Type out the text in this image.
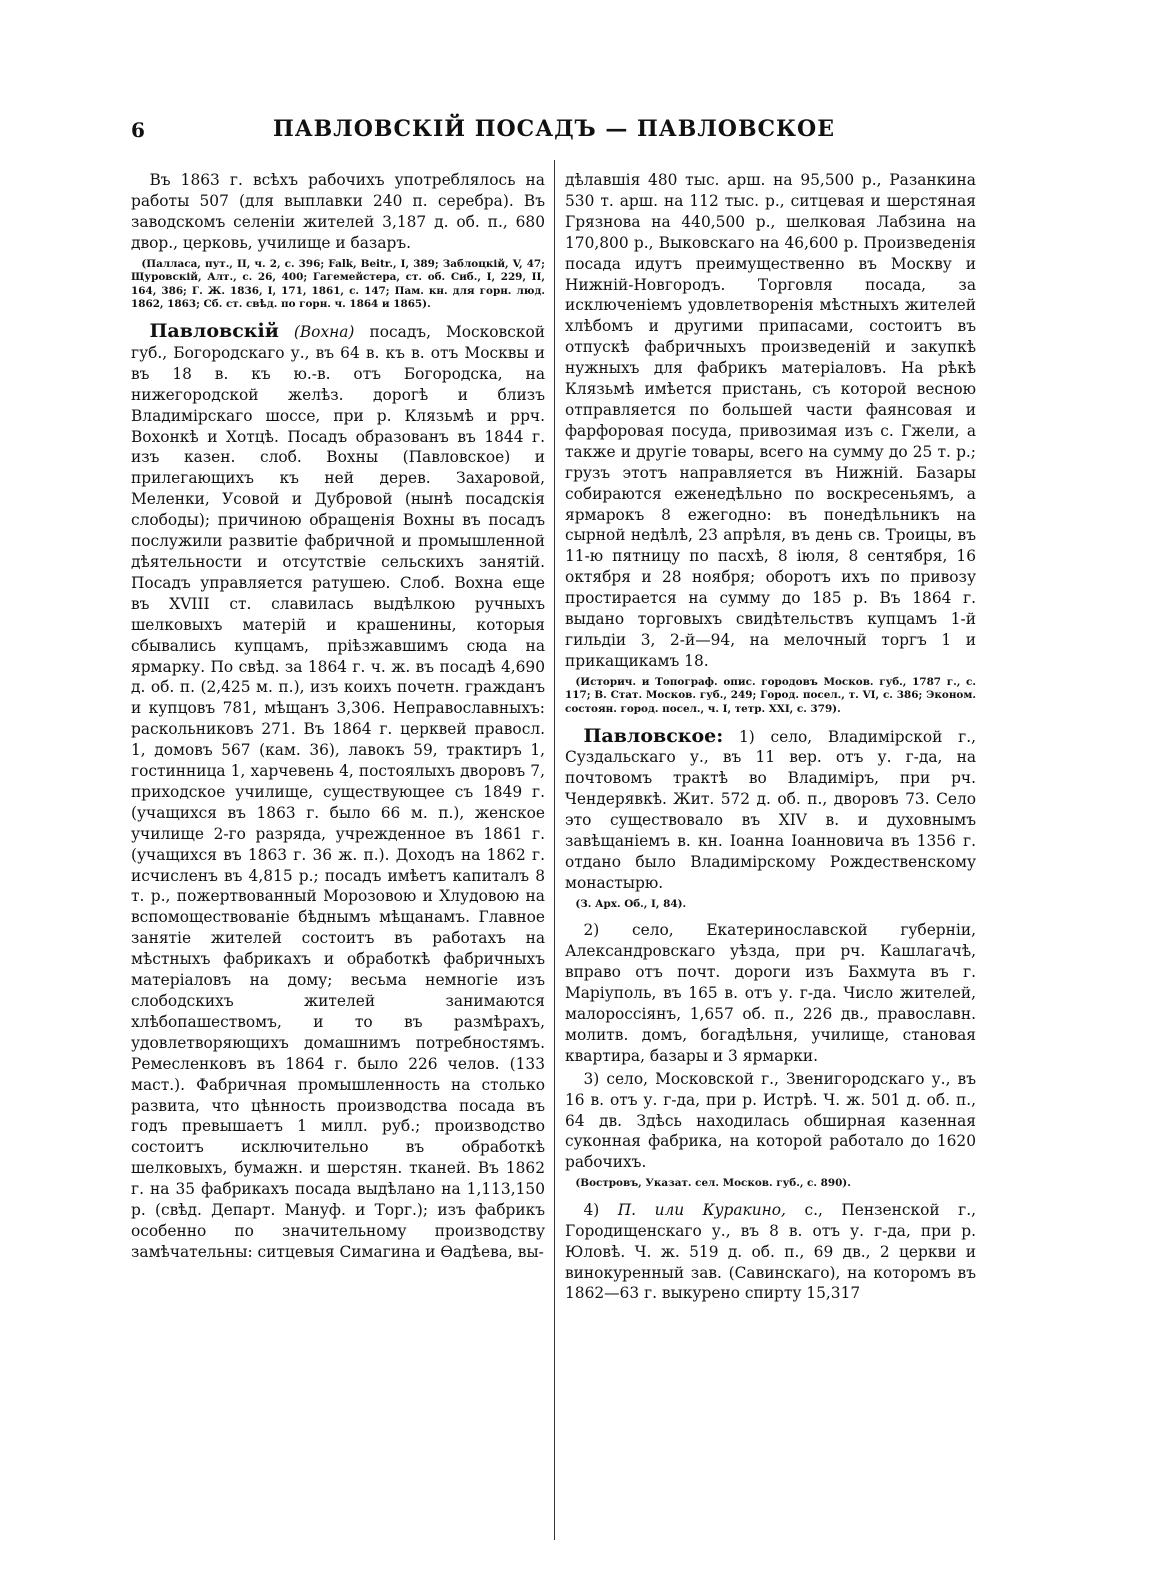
6	ПАВЛОВСКІЙ ПОСАДЪ — ПАВЛОВСКОЕ

Въ 1863 г. всѣхъ рабочихъ употреблялось на работы 507 (для выплавки 240 п. серебра). Въ заводскомъ селеніи жителей 3,187 д. об. п., 680 двор., церковь, училище и базаръ.

(Паллаcа, пут., II, ч. 2, с. 396; Falk, Beitr., I, 389; Заблоцкій, V, 47; Щуровскій, Алт., с. 26, 400; Гагемейстера, ст. об. Сиб., I, 229, II, 164, 386; Г. Ж. 1836, I, 171, 1861, с. 147; Пам. кн. для горн. люд. 1862, 1863; Сб. ст. свѣд. по горн. ч. 1864 и 1865).

Павловскій (Вохна) посадъ, Московской губ., Богородскаго у., въ 64 в. къ в. отъ Москвы и въ 18 в. къ ю.-в. отъ Богородска, на нижегородской желѣз. дорогѣ и близъ Владимірскаго шоссе, при р. Клязьмѣ и ррч. Вохонкѣ и Хотцѣ. Посадъ образованъ въ 1844 г. изъ казен. слоб. Вохны (Павловское) и прилегающихъ къ ней дерев. Захаровой, Меленки, Усовой и Дубровой (нынѣ посадскія слободы); причиною обращенія Вохны въ посадъ послужили развитіе фабричной и промышленной дѣятельности и отсутствіе сельскихъ занятій. Посадъ управляется ратушею. Слоб. Вохна еще въ XVIII ст. славилась выдѣлкою ручныхъ шелковыхъ матерій и крашенины, которыя сбывались купцамъ, пріѣзжавшимъ сюда на ярмарку. По свѣд. за 1864 г. ч. ж. въ посадѣ 4,690 д. об. п. (2,425 м. п.), изъ коихъ почетн. гражданъ и купцовъ 781, мѣщанъ 3,306. Неправославныхъ: раскольниковъ 271. Въ 1864 г. церквей правосл. 1, домовъ 567 (кам. 36), лавокъ 59, трактиръ 1, гостинница 1, харчевень 4, постоялыхъ дворовъ 7, приходское училище, существующее съ 1849 г. (учащихся въ 1863 г. было 66 м. п.), женское училище 2-го разряда, учрежденное въ 1861 г. (учащихся въ 1863 г. 36 ж. п.). Доходъ на 1862 г. исчисленъ въ 4,815 р.; посадъ имѣетъ капиталъ 8 т. р., пожертвованный Морозовою и Хлудовою на вспомоществованіе бѣднымъ мѣщанамъ. Главное занятіе жителей состоитъ въ работахъ на мѣстныхъ фабрикахъ и обработкѣ фабричныхъ матеріаловъ на дому; весьма немногіе изъ слободскихъ жителей занимаются хлѣбопашествомъ, и то въ размѣрахъ, удовлетворяющихъ домашнимъ потребностямъ. Ремесленковъ въ 1864 г. было 226 челов. (133 маст.). Фабричная промышленность на столько развита, что цѣнность производства посада въ годъ превышаетъ 1 милл. руб.; производство состоитъ исключительно въ обработкѣ шелковыхъ, бумажн. и шерстян. тканей. Въ 1862 г. на 35 фабрикахъ посада выдѣлано на 1,113,150 р. (свѣд. Департ. Мануф. и Торг.); изъ фабрикъ особенно по значительному производству замѣчательны: ситцевыя Симагина и Ѳадѣева, вы-

дѣлавшія 480 тыс. арш. на 95,500 р., Разанкина 530 т. арш. на 112 тыс. р., ситцевая и шерстяная Грязнова на 440,500 р., шелковая Лабзина на 170,800 р., Выковскаго на 46,600 р. Произведенія посада идутъ преимущественно въ Москву и Нижній-Новгородъ. Торговля посада, за исключеніемъ удовлетворенія мѣстныхъ жителей хлѣбомъ и другими припасами, состоитъ въ отпускѣ фабричныхъ произведеній и закупкѣ нужныхъ для фабрикъ матеріаловъ. На рѣкѣ Клязьмѣ имѣется пристань, съ которой весною отправляется по большей части фаянсовая и фарфоровая посуда, привозимая изъ с. Гжели, а также и другіе товары, всего на сумму до 25 т. р.; грузъ этотъ направляется въ Нижній. Базары собираются еженедѣльно по воскресеньямъ, а ярмарокъ 8 ежегодно: въ понедѣльникъ на сырной недѣлѣ, 23 апрѣля, въ день св. Троицы, въ 11-ю пятницу по пасхѣ, 8 іюля, 8 сентября, 16 октября и 28 ноября; оборотъ ихъ по привозу простирается на сумму до 185 р. Въ 1864 г. выдано торговыхъ свидѣтельствъ купцамъ 1-й гильдіи 3, 2-й—94, на мелочный торгъ 1 и прикащикамъ 18.

(Историч. и Топограф. опис. городовъ Москов. губ., 1787 г., с. 117; В. Стат. Москов. губ., 249; Город. посел., т. VI, с. 386; Эконом. состоян. город. посел., ч. I, тетр. XXI, с. 379).

Павловское: 1) село, Владимірской г., Суздальскаго у., въ 11 вер. отъ у. г-да, на почтовомъ трактѣ во Владиміръ, при рч. Чендерявкѣ. Жит. 572 д. об. п., дворовъ 73. Село это существовало въ XIV в. и духовнымъ завѣщаніемъ в. кн. Іоанна Іоанновича въ 1356 г. отдано было Владимірскому Рождественскому монастырю.

(З. Арх. Об., I, 84).

2) село, Екатеринославской губерніи, Александровскаго уѣзда, при рч. Кашлагачѣ, вправо отъ почт. дороги изъ Бахмута въ г. Маріуполь, въ 165 в. отъ у. г-да. Число жителей, малороссіянъ, 1,657 об. п., 226 дв., православн. молитв. домъ, богадѣльня, училище, становая квартира, базары и 3 ярмарки.

3) село, Московской г., Звенигородскаго у., въ 16 в. отъ у. г-да, при р. Истрѣ. Ч. ж. 501 д. об. п., 64 дв. Здѣсь находилась обширная казенная суконная фабрика, на которой работало до 1620 рабочихъ.

(Востровъ, Указат. сел. Москов. губ., с. 890).

4) П. или Куракино, с., Пензенской г., Городищенскаго у., въ 8 в. отъ у. г-да, при р. Юловѣ. Ч. ж. 519 д. об. п., 69 дв., 2 церкви и винокуренный зав. (Савинскаго), на которомъ въ 1862—63 г. выкурено спирту 15,317
